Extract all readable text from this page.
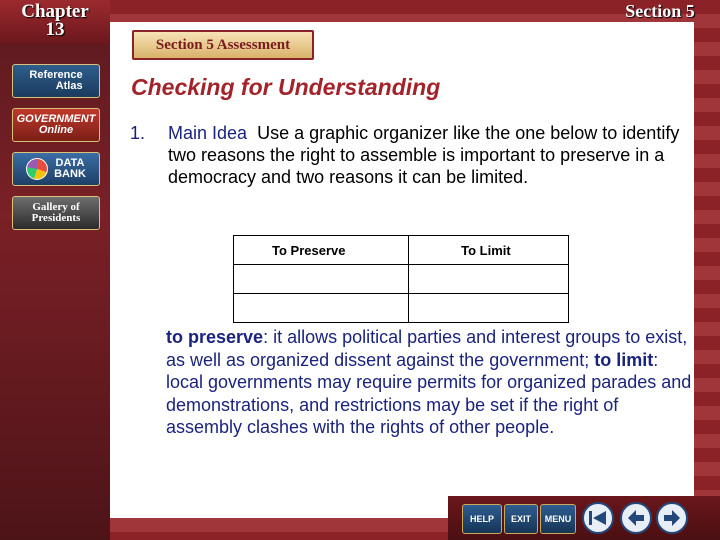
Chapter
13
Section 5
Reference
Atlas
GOVERNMENT Online
DATA
BANK
Gallery of
Presidents
Section 5 Assessment
Checking for Understanding
1. Main Idea Use a graphic organizer like the one below to identify two reasons the right to assemble is important to preserve in a democracy and two reasons it can be limited.
To Preserve	To Limit

to preserve: it allows political parties and interest groups to exist, as well as organized dissent against the government; to limit: local governments may require permits for organized parades and demonstrations, and restrictions may be set if the right of assembly clashes with the rights of other people.
HELP	EXIT	MENU
